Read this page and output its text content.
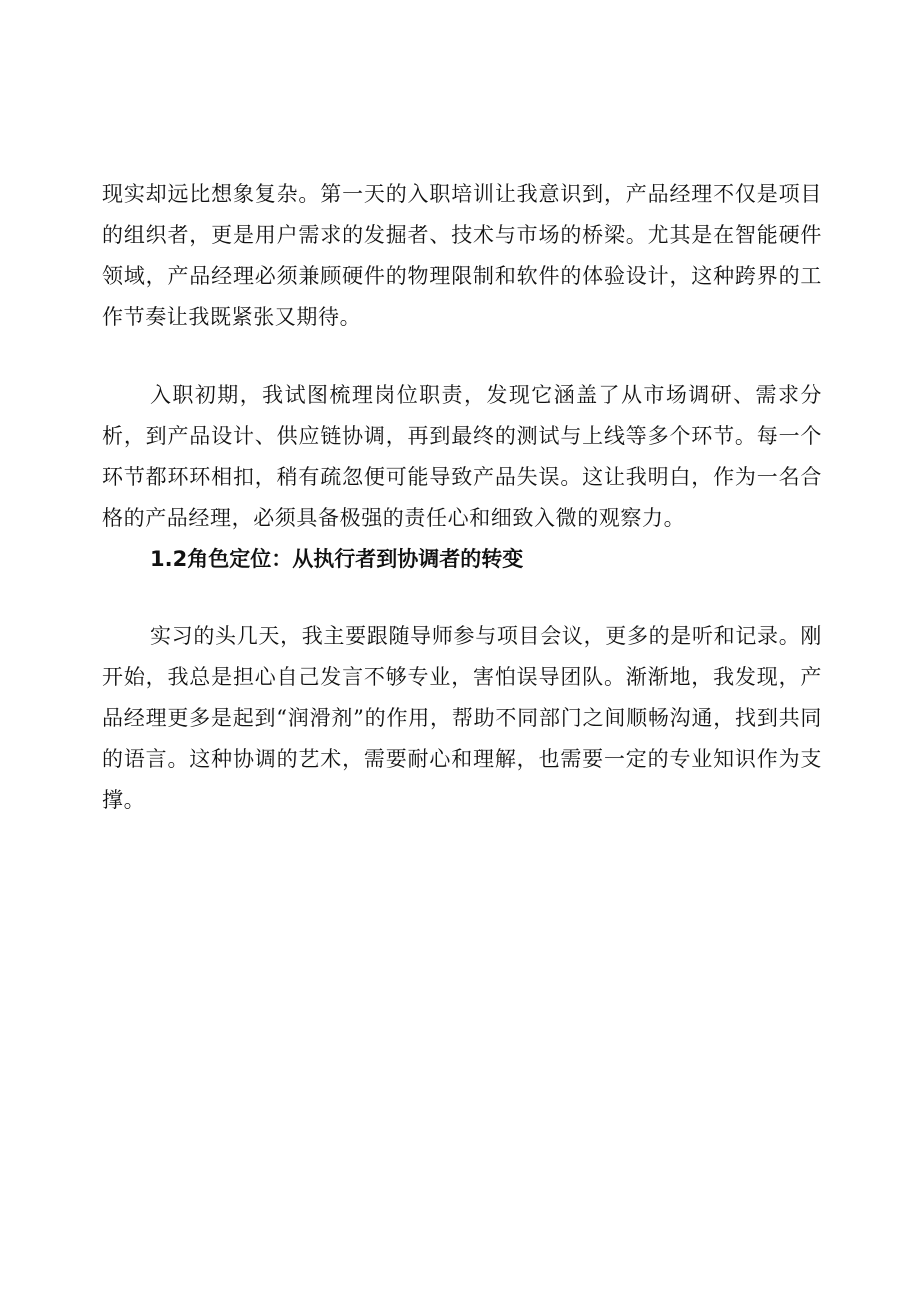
现实却远比想象复杂。第一天的入职培训让我意识到，产品经理不仅是项目的组织者，更是用户需求的发掘者、技术与市场的桥梁。尤其是在智能硬件领域，产品经理必须兼顾硬件的物理限制和软件的体验设计，这种跨界的工作节奏让我既紧张又期待。

入职初期，我试图梳理岗位职责，发现它涵盖了从市场调研、需求分析，到产品设计、供应链协调，再到最终的测试与上线等多个环节。每一个环节都环环相扣，稍有疏忽便可能导致产品失误。这让我明白，作为一名合格的产品经理，必须具备极强的责任心和细致入微的观察力。

1.2角色定位：从执行者到协调者的转变

实习的头几天，我主要跟随导师参与项目会议，更多的是听和记录。刚开始，我总是担心自己发言不够专业，害怕误导团队。渐渐地，我发现，产品经理更多是起到“润滑剂”的作用，帮助不同部门之间顺畅沟通，找到共同的语言。这种协调的艺术，需要耐心和理解，也需要一定的专业知识作为支撑。
